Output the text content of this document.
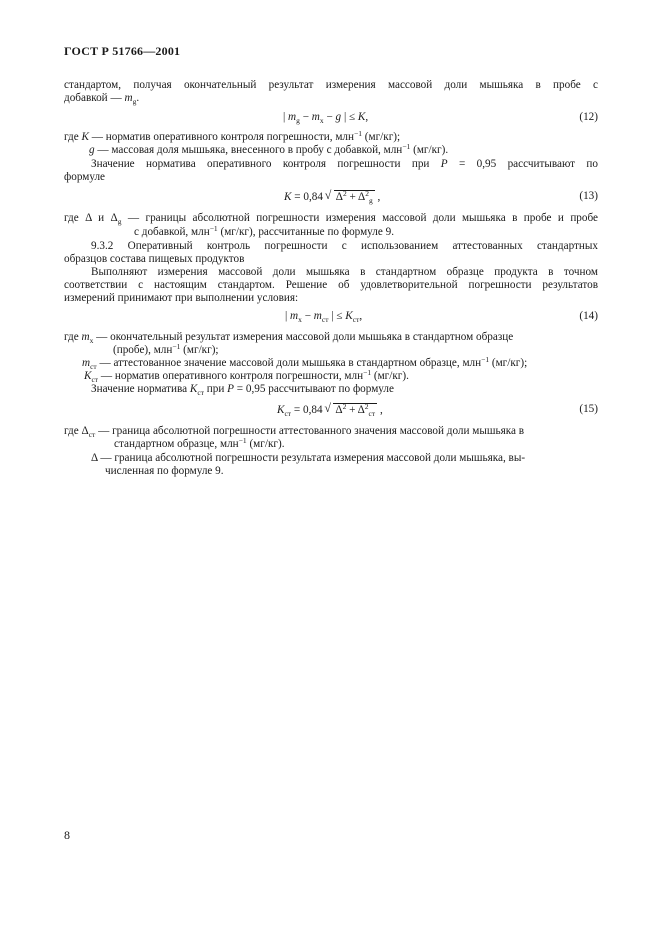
ГОСТ Р 51766—2001
стандартом, получая окончательный результат измерения массовой доли мышьяка в пробе с
добавкой — $m_g$.
| $m_g - m_x - g$ | ≤ K,	(12)
где K — норматив оперативного контроля погрешности, млн$^{-1}$ (мг/кг);
g — массовая доля мышьяка, внесенного в пробу с добавкой, млн$^{-1}$ (мг/кг).
Значение норматива оперативного контроля погрешности при P = 0,95 рассчитывают по
формуле
K = 0,84 √ $\Delta^2 + \Delta^2_g$ ,	(13)
где Δ и $\Delta_g$ — границы абсолютной погрешности измерения массовой доли мышьяка в пробе и пробе
с добавкой, млн$^{-1}$ (мг/кг), рассчитанные по формуле 9.
9.3.2 Оперативный контроль погрешности с использованием аттестованных стандартных
образцов состава пищевых продуктов
Выполняют измерения массовой доли мышьяка в стандартном образце продукта в точном
соответствии с настоящим стандартом. Решение об удовлетворительной погрешности результатов
измерений принимают при выполнении условия:
| $m_x - m_{ст}$ | ≤ $K_{ст}$,	(14)
где $m_x$ — окончательный результат измерения массовой доли мышьяка в стандартном образце
(пробе), млн$^{-1}$ (мг/кг);
$m_{ст}$ — аттестованное значение массовой доли мышьяка в стандартном образце, млн$^{-1}$ (мг/кг);
$K_{ст}$ — норматив оперативного контроля погрешности, млн$^{-1}$ (мг/кг).
Значение норматива $K_{ст}$ при P = 0,95 рассчитывают по формуле
$K_{ст} = 0,84$ √ $\Delta^2 + \Delta^2_{ст}$ ,	(15)
где $\Delta_{ст}$ — граница абсолютной погрешности аттестованного значения массовой доли мышьяка в
стандартном образце, млн$^{-1}$ (мг/кг).
Δ — граница абсолютной погрешности результата измерения массовой доли мышьяка, вы-
численная по формуле 9.
8
